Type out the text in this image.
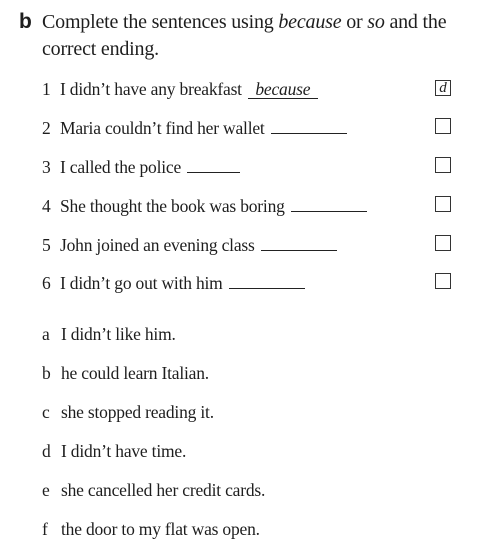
b Complete the sentences using because or so and the correct ending.
1 I didn’t have any breakfast because	d
2 Maria couldn’t find her wallet
3 I called the police
4 She thought the book was boring
5 John joined an evening class
6 I didn’t go out with him
a I didn’t like him.
b he could learn Italian.
c she stopped reading it.
d I didn’t have time.
e she cancelled her credit cards.
f the door to my flat was open.
